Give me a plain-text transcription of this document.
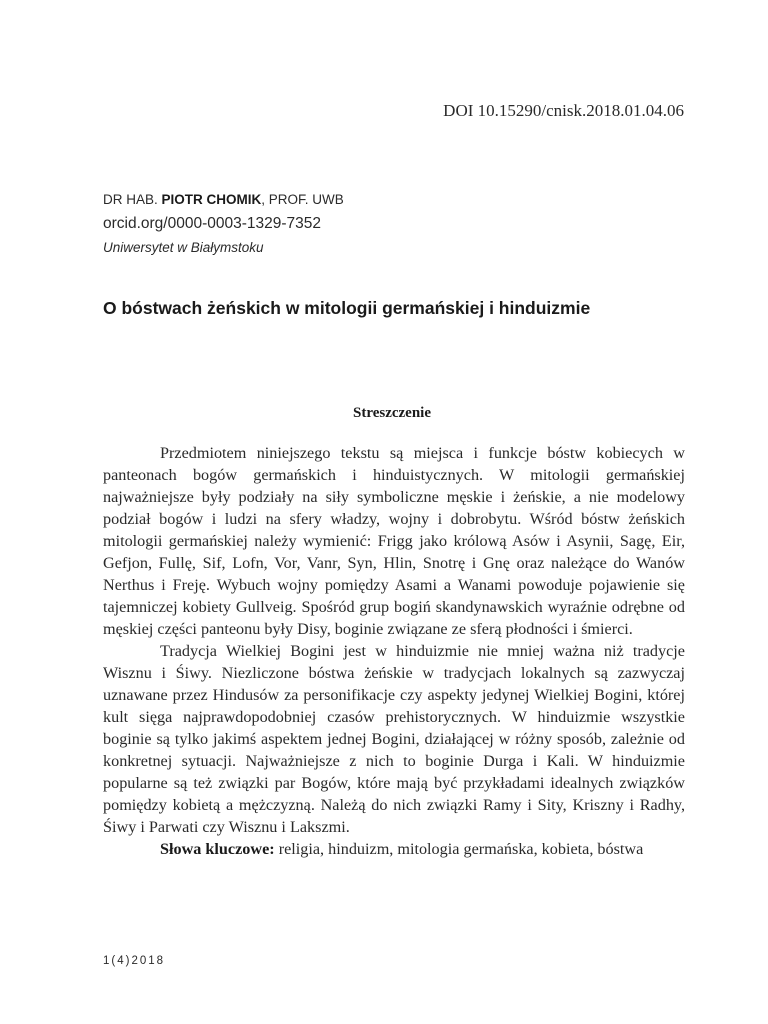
DOI 10.15290/cnisk.2018.01.04.06
DR HAB. PIOTR CHOMIK, PROF. UWB
orcid.org/0000-0003-1329-7352
Uniwersytet w Białymstoku
O bóstwach żeńskich w mitologii germańskiej i hinduizmie
Streszczenie

Przedmiotem niniejszego tekstu są miejsca i funkcje bóstw kobiecych w panteonach bogów germańskich i hinduistycznych. W mitologii germańskiej najważniejsze były podziały na siły symboliczne męskie i żeńskie, a nie modelowy podział bogów i ludzi na sfery władzy, wojny i dobrobytu. Wśród bóstw żeńskich mitologii germańskiej należy wymienić: Frigg jako królową Asów i Asynii, Sagę, Eir, Gefjon, Fullę, Sif, Lofn, Vor, Vanr, Syn, Hlin, Snotrę i Gnę oraz należące do Wanów Nerthus i Freję. Wybuch wojny pomiędzy Asami a Wanami powoduje pojawienie się tajemniczej kobiety Gullveig. Spośród grup bogiń skandynawskich wyraźnie odrębne od męskiej części panteonu były Disy, boginie związane ze sferą płodności i śmierci.

Tradycja Wielkiej Bogini jest w hinduizmie nie mniej ważna niż tradycje Wisznu i Śiwy. Niezliczone bóstwa żeńskie w tradycjach lokalnych są zazwyczaj uznawane przez Hindusów za personifikacje czy aspekty jedynej Wielkiej Bogini, której kult sięga najprawdopodobniej czasów prehistorycznych. W hinduizmie wszystkie boginie są tylko jakimś aspektem jednej Bogini, działającej w różny sposób, zależnie od konkretnej sytuacji. Najważniejsze z nich to boginie Durga i Kali. W hinduizmie popularne są też związki par Bogów, które mają być przykładami idealnych związków pomiędzy kobietą a mężczyzną. Należą do nich związki Ramy i Sity, Kriszny i Radhy, Śiwy i Parwati czy Wisznu i Lakszmi.

Słowa kluczowe: religia, hinduizm, mitologia germańska, kobieta, bóstwa

1(4)2018
